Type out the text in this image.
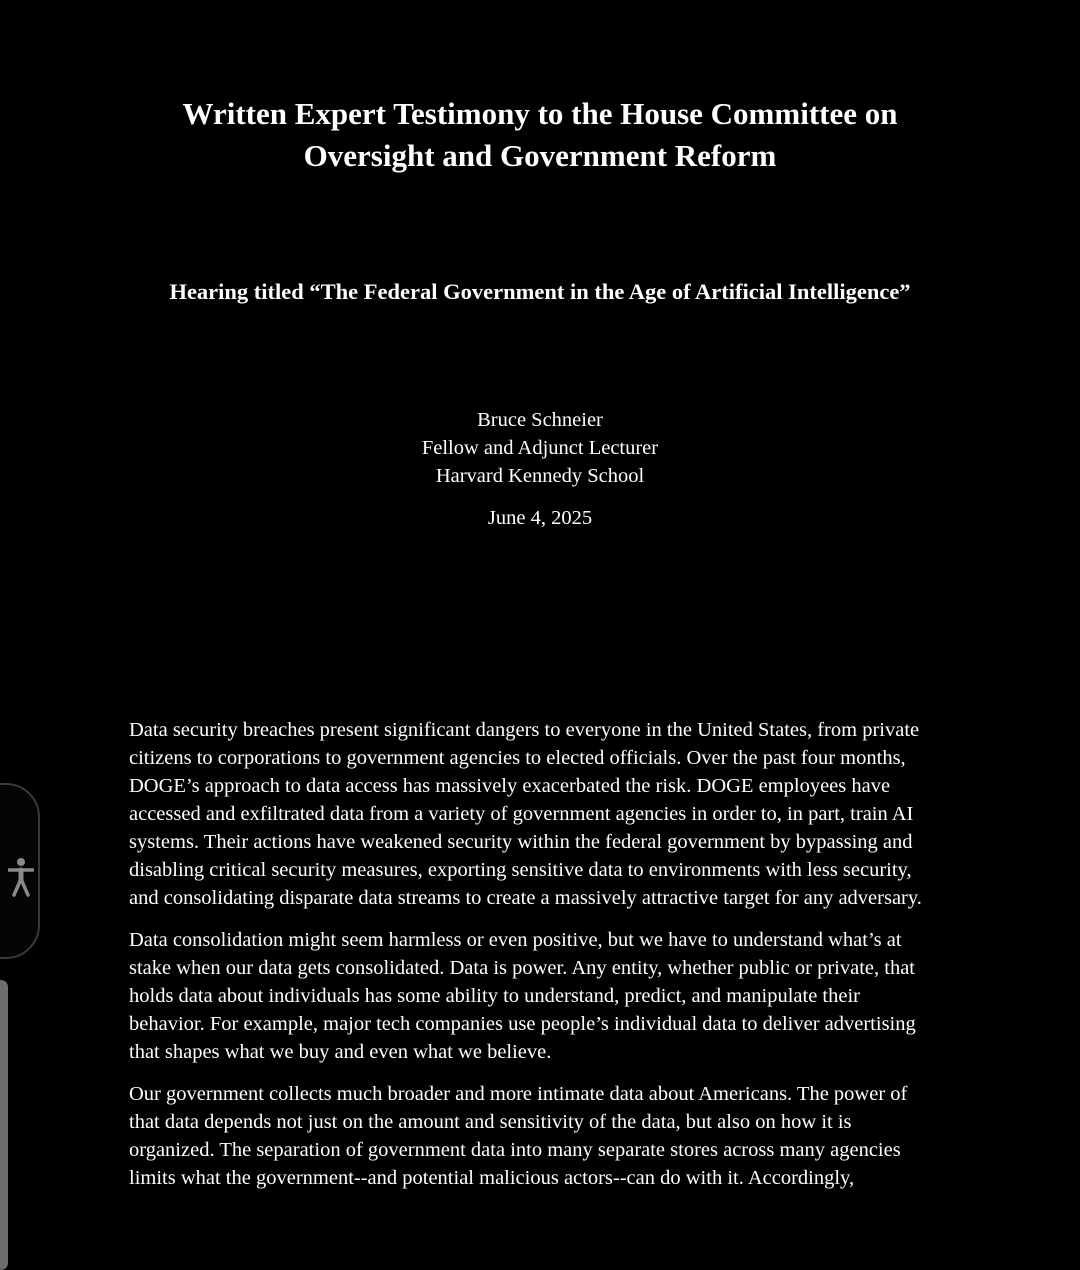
Written Expert Testimony to the House Committee on
Oversight and Government Reform
Hearing titled “The Federal Government in the Age of Artificial Intelligence”
Bruce Schneier
Fellow and Adjunct Lecturer
Harvard Kennedy School
June 4, 2025

Data security breaches present significant dangers to everyone in the United States, from private
citizens to corporations to government agencies to elected officials. Over the past four months,
DOGE’s approach to data access has massively exacerbated the risk. DOGE employees have
accessed and exfiltrated data from a variety of government agencies in order to, in part, train AI
systems. Their actions have weakened security within the federal government by bypassing and
disabling critical security measures, exporting sensitive data to environments with less security,
and consolidating disparate data streams to create a massively attractive target for any adversary.

Data consolidation might seem harmless or even positive, but we have to understand what’s at
stake when our data gets consolidated. Data is power. Any entity, whether public or private, that
holds data about individuals has some ability to understand, predict, and manipulate their
behavior. For example, major tech companies use people’s individual data to deliver advertising
that shapes what we buy and even what we believe.

Our government collects much broader and more intimate data about Americans. The power of
that data depends not just on the amount and sensitivity of the data, but also on how it is
organized. The separation of government data into many separate stores across many agencies
limits what the government--and potential malicious actors--can do with it. Accordingly,
